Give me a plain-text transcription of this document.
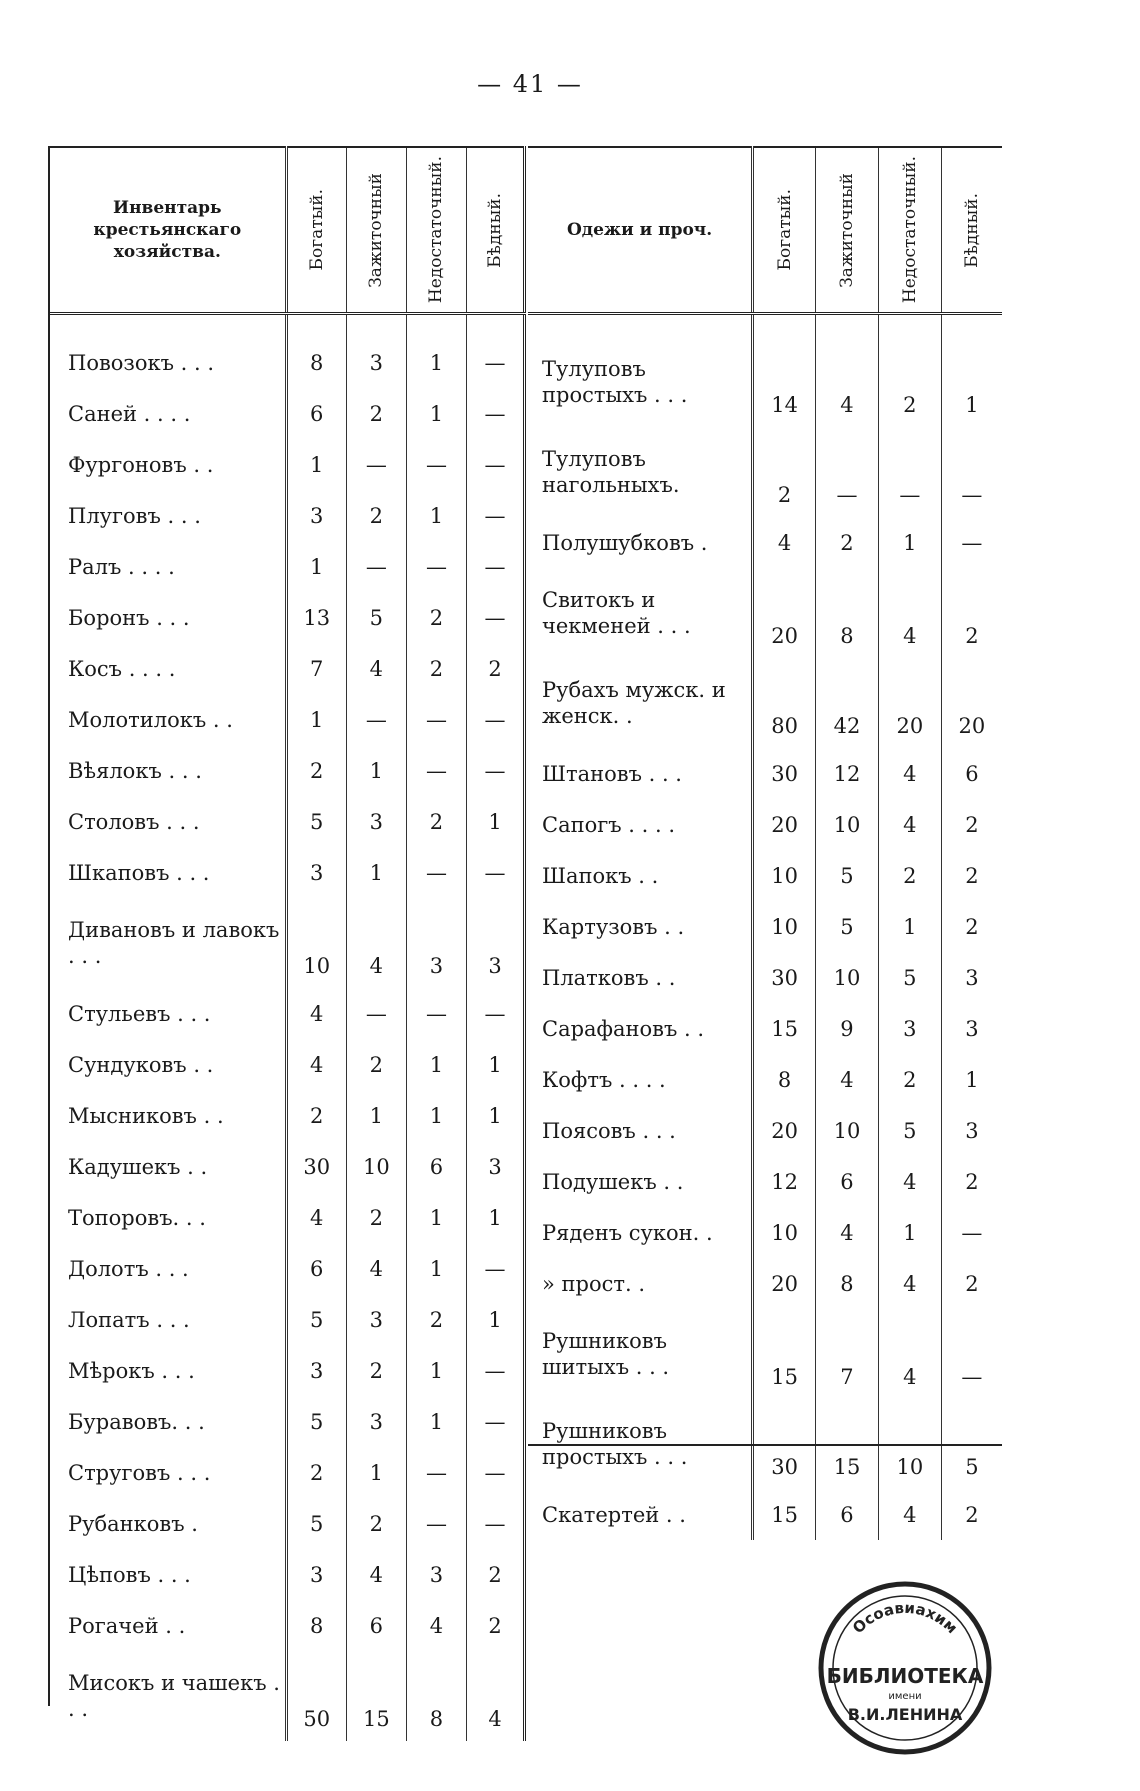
— 41 —
Инвентарь крестьянскаго хозяйства.	Богатый.	Зажиточный	Недостаточный.	Бѣдный.

Повозокъ . . .	8	3	1	—
Саней . . . .	6	2	1	—
Фургоновъ . .	1	—	—	—
Плуговъ . . .	3	2	1	—
Ралъ . . . .	1	—	—	—
Боронъ . . .	13	5	2	—
Косъ . . . .	7	4	2	2
Молотилокъ . .	1	—	—	—
Вѣялокъ . . .	2	1	—	—
Столовъ . . .	5	3	2	1
Шкаповъ . . .	3	1	—	—
Дивановъ и лавокъ . . .	10	4	3	3
Стульевъ . . .	4	—	—	—
Сундуковъ . .	4	2	1	1
Мысниковъ . .	2	1	1	1
Кадушекъ . .	30	10	6	3
Топоровъ. . .	4	2	1	1
Долотъ . . .	6	4	1	—
Лопатъ . . .	5	3	2	1
Мѣрокъ . . .	3	2	1	—
Буравовъ. . .	5	3	1	—
Струговъ . . .	2	1	—	—
Рубанковъ .	5	2	—	—
Цѣповъ . . .	3	4	3	2
Рогачей . .	8	6	4	2
Мисокъ и чашекъ . . .	50	15	8	4
Одежи и проч.	Богатый.	Зажиточный	Недостаточный.	Бѣдный.

Тулуповъ простыхъ . . .	14	4	2	1
Тулуповъ нагольныхъ.	2	—	—	—
Полушубковъ .	4	2	1	—
Свитокъ и чекменей . . .	20	8	4	2
Рубахъ мужск. и женск. .	80	42	20	20
Штановъ . . .	30	12	4	6
Сапогъ . . . .	20	10	4	2
Шапокъ . .	10	5	2	2
Картузовъ . .	10	5	1	2
Платковъ . .	30	10	5	3
Сарафановъ . .	15	9	3	3
Кофтъ . . . .	8	4	2	1
Поясовъ . . .	20	10	5	3
Подушекъ . .	12	6	4	2
Ряденъ сукон. .	10	4	1	—
» прост. .	20	8	4	2
Рушниковъ шитыхъ . . .	15	7	4	—
Рушниковъ простыхъ . . .	30	15	10	5
Скатертей . .	15	6	4	2
Осоавиахим
БИБЛИОТЕКА
имени
В.И.ЛЕНИНА
